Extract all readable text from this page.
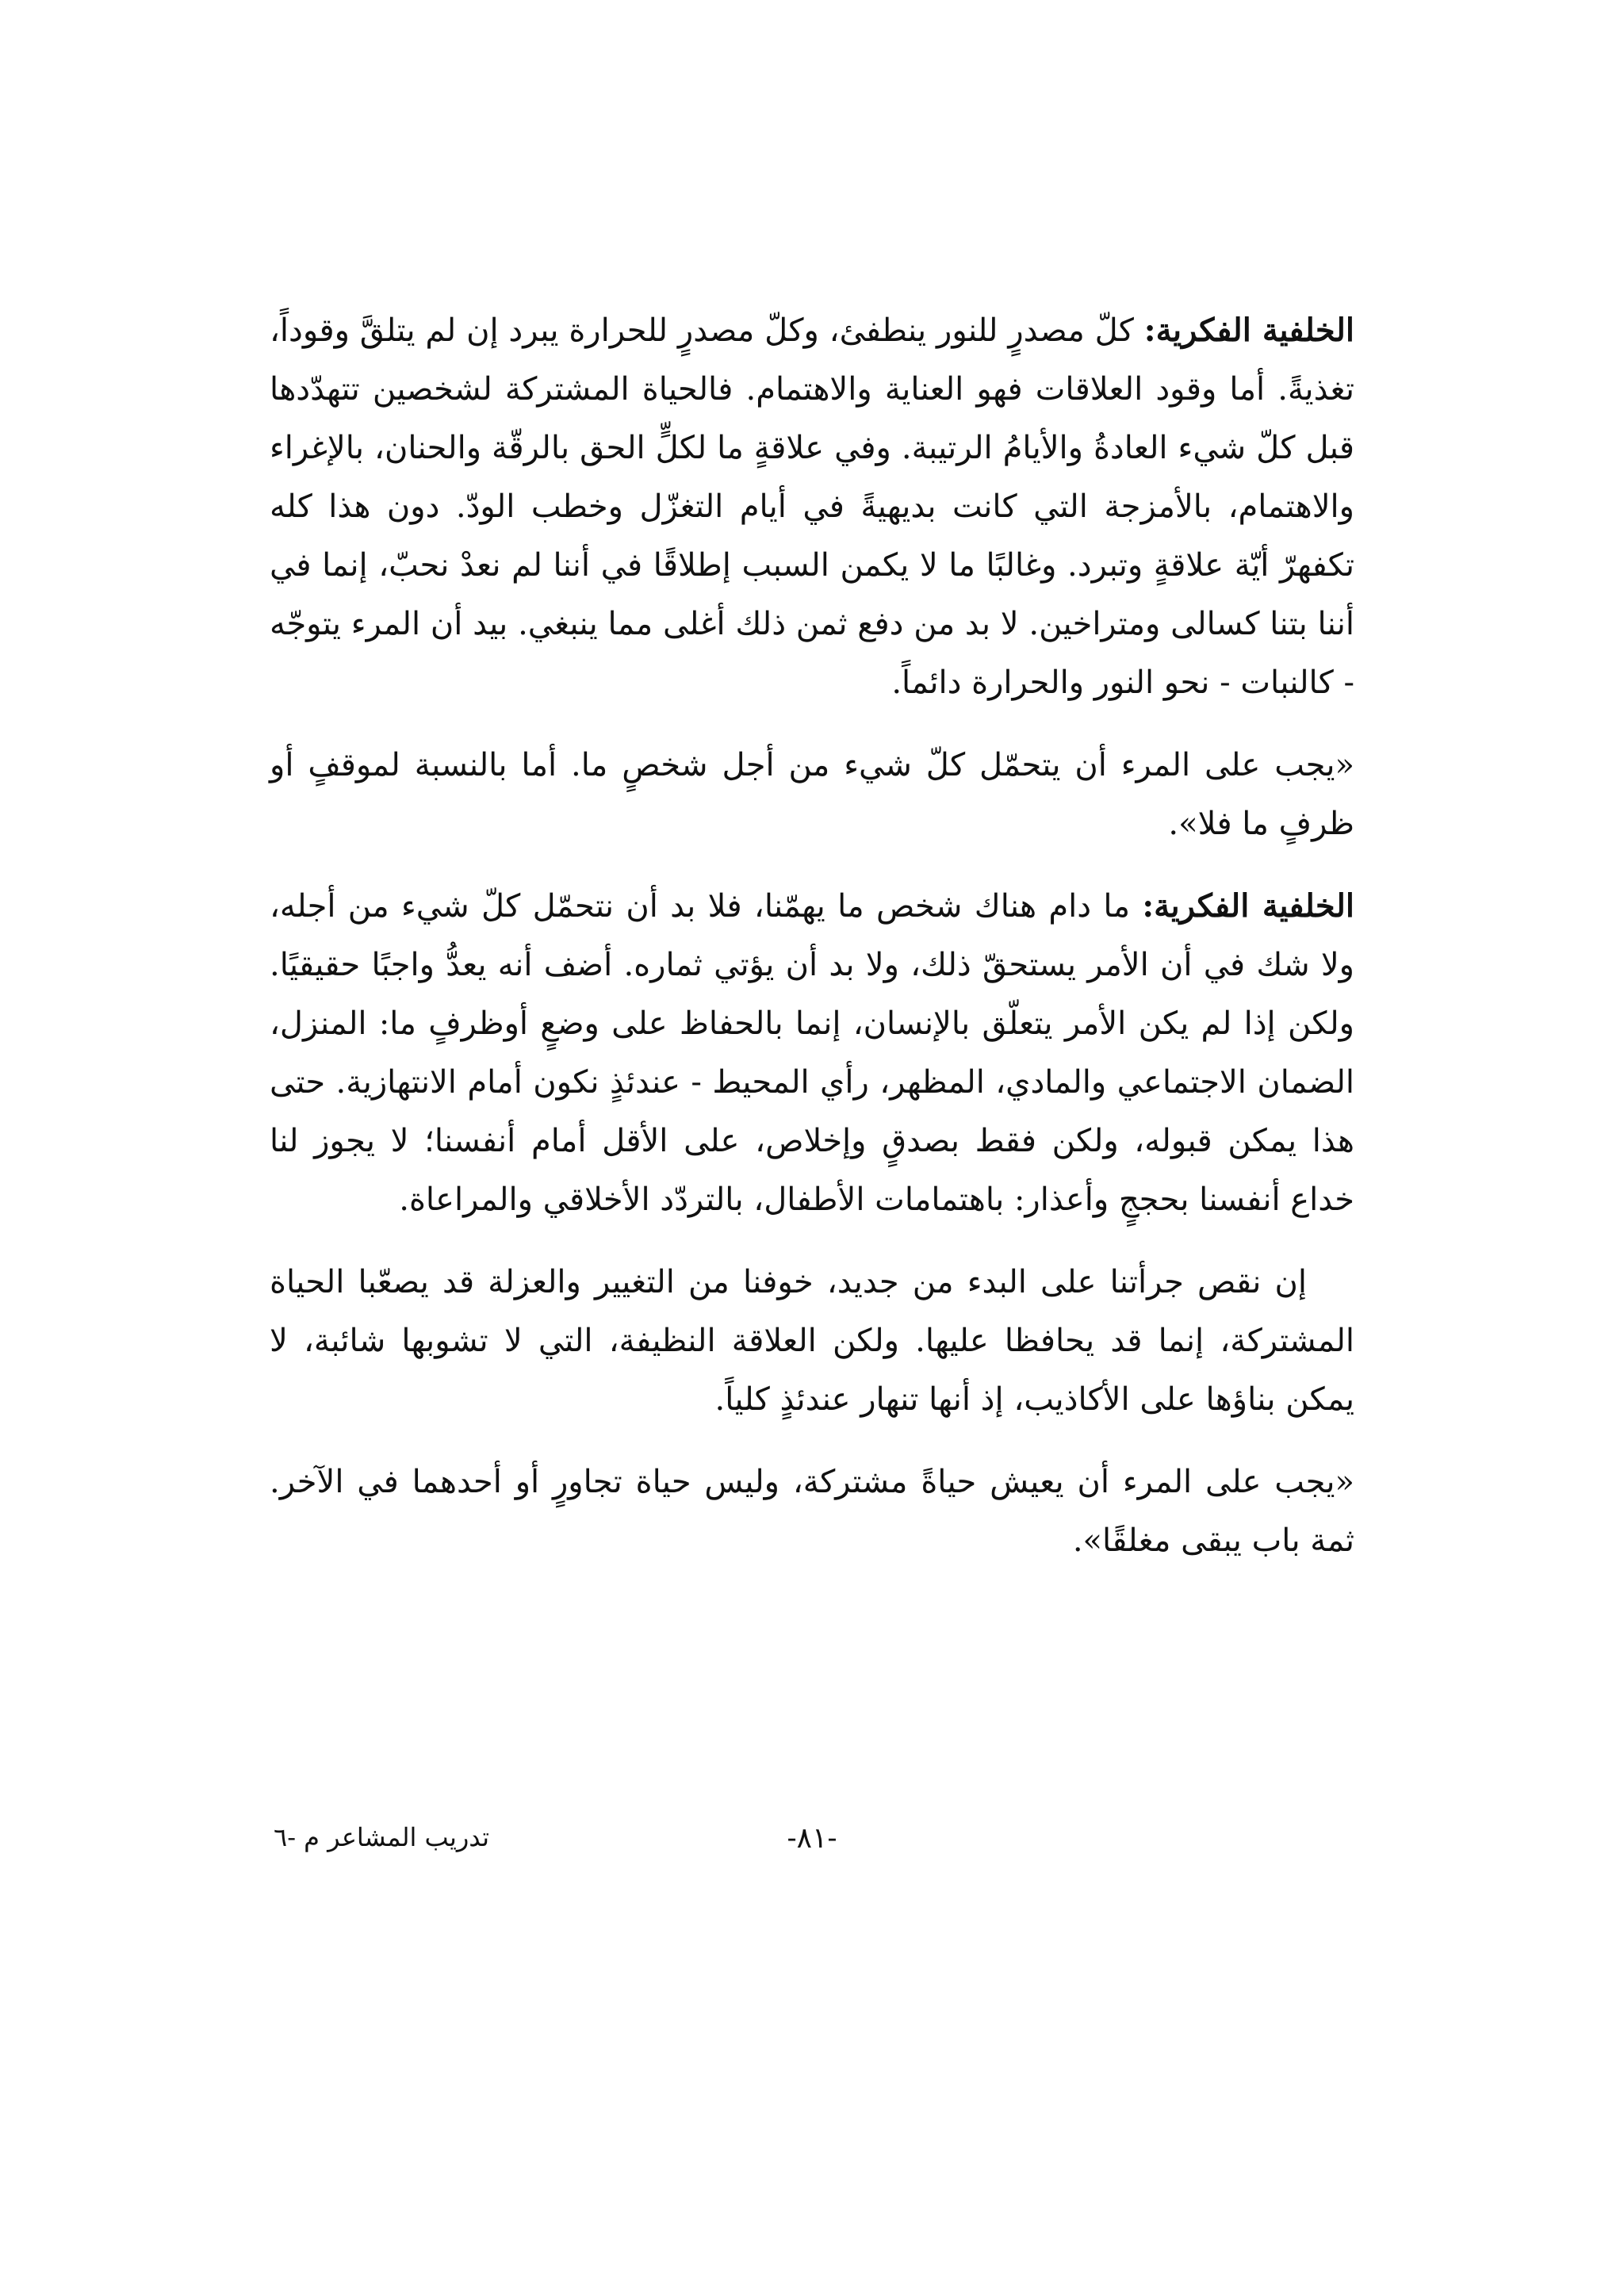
الخلفية الفكرية: كلّ مصدرٍ للنور ينطفئ، وكلّ مصدرٍ للحرارة يبرد إن لم يتلقَّ وقوداً، تغذيةً. أما وقود العلاقات فهو العناية والاهتمام. فالحياة المشتركة لشخصين تتهدّدها قبل كلّ شيء العادةُ والأيامُ الرتيبة. وفي علاقةٍ ما لكلٍّ الحق بالرقّة والحنان، بالإغراء والاهتمام، بالأمزجة التي كانت بديهيةً في أيام التغزّل وخطب الودّ. دون هذا كله تكفهرّ أيّة علاقةٍ وتبرد. وغالبًا ما لا يكمن السبب إطلاقًا في أننا لم نعدْ نحبّ، إنما في أننا بتنا كسالى ومتراخين. لا بد من دفع ثمن ذلك أغلى مما ينبغي. بيد أن المرء يتوجّه - كالنبات - نحو النور والحرارة دائماً.

«يجب على المرء أن يتحمّل كلّ شيء من أجل شخصٍ ما. أما بالنسبة لموقفٍ أو ظرفٍ ما فلا».

الخلفية الفكرية: ما دام هناك شخص ما يهمّنا، فلا بد أن نتحمّل كلّ شيء من أجله، ولا شك في أن الأمر يستحقّ ذلك، ولا بد أن يؤتي ثماره. أضف أنه يعدُّ واجبًا حقيقيًا. ولكن إذا لم يكن الأمر يتعلّق بالإنسان، إنما بالحفاظ على وضعٍ أوظرفٍ ما: المنزل، الضمان الاجتماعي والمادي، المظهر، رأي المحيط - عندئذٍ نكون أمام الانتهازية. حتى هذا يمكن قبوله، ولكن فقط بصدقٍ وإخلاص، على الأقل أمام أنفسنا؛ لا يجوز لنا خداع أنفسنا بحججٍ وأعذار: باهتمامات الأطفال، بالتردّد الأخلاقي والمراعاة.

إن نقص جرأتنا على البدء من جديد، خوفنا من التغيير والعزلة قد يصعّبا الحياة المشتركة، إنما قد يحافظا عليها. ولكن العلاقة النظيفة، التي لا تشوبها شائبة، لا يمكن بناؤها على الأكاذيب، إذ أنها تنهار عندئذٍ كلياً.

«يجب على المرء أن يعيش حياةً مشتركة، وليس حياة تجاورٍ أو أحدهما في الآخر. ثمة باب يبقى مغلقًا».

-٨١-
تدريب المشاعر م -٦
